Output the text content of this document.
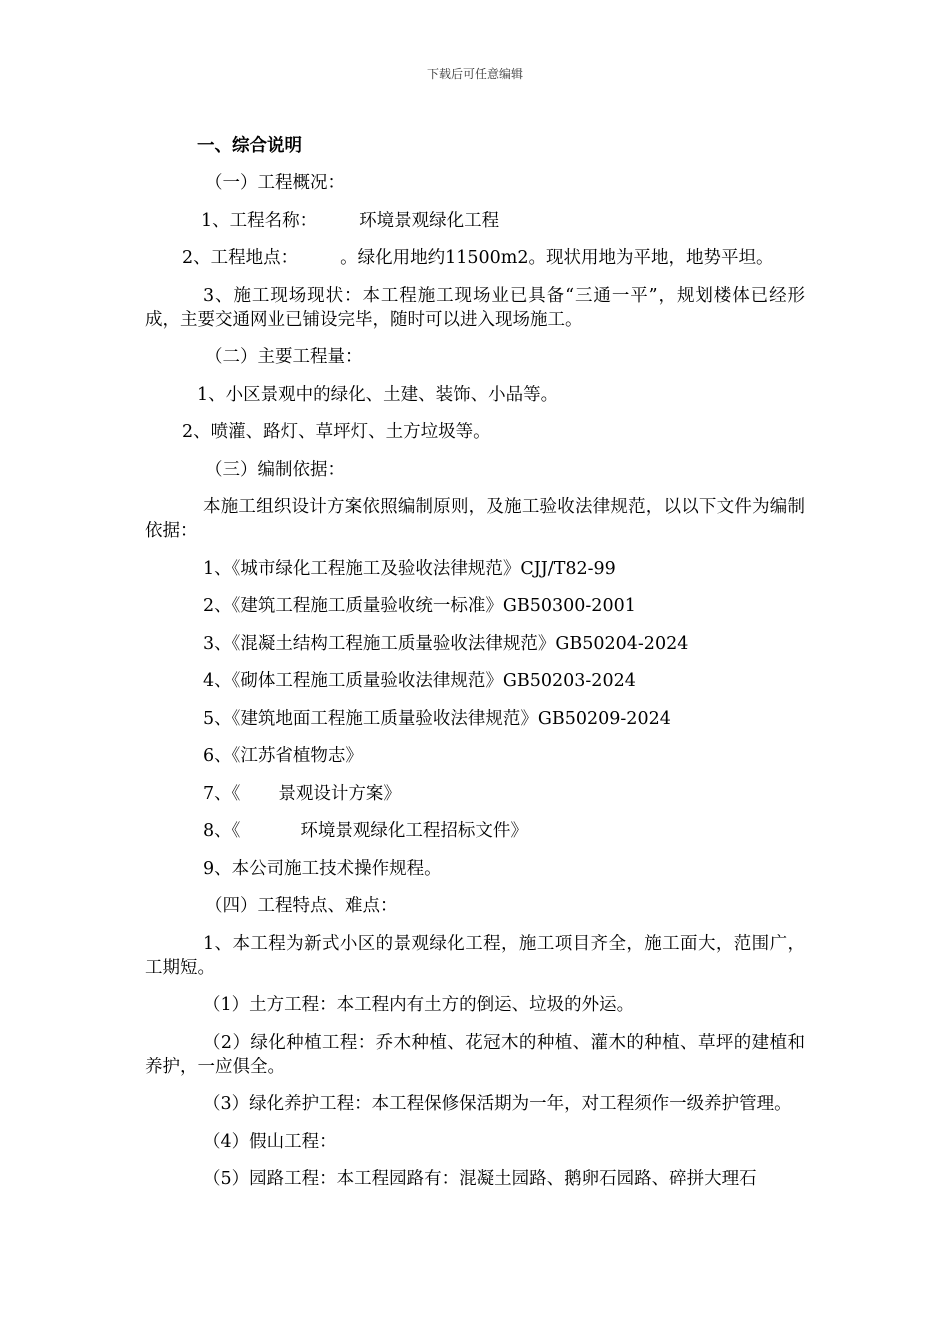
下载后可任意编辑
一、综合说明
（一）工程概况：
1、工程名称： 环境景观绿化工程
2、工程地点： 。绿化用地约11500m2。现状用地为平地，地势平坦。
3、施工现场现状：本工程施工现场业已具备“三通一平”，规划楼体已经形成，主要交通网业已铺设完毕，随时可以进入现场施工。
（二）主要工程量：
1、小区景观中的绿化、土建、装饰、小品等。
2、喷灌、路灯、草坪灯、土方垃圾等。
（三）编制依据：
本施工组织设计方案依照编制原则，及施工验收法律规范，以以下文件为编制依据：
1、《城市绿化工程施工及验收法律规范》CJJ/T82-99
2、《建筑工程施工质量验收统一标准》GB50300-2001
3、《混凝土结构工程施工质量验收法律规范》GB50204-2024
4、《砌体工程施工质量验收法律规范》GB50203-2024
5、《建筑地面工程施工质量验收法律规范》GB50209-2024
6、《江苏省植物志》
7、《 景观设计方案》
8、《	环境景观绿化工程招标文件》
9、本公司施工技术操作规程。
（四）工程特点、难点：
1、本工程为新式小区的景观绿化工程，施工项目齐全，施工面大，范围广，工期短。
（1）土方工程：本工程内有土方的倒运、垃圾的外运。
（2）绿化种植工程：乔木种植、花冠木的种植、灌木的种植、草坪的建植和养护，一应俱全。
（3）绿化养护工程：本工程保修保活期为一年，对工程须作一级养护管理。
（4）假山工程：
（5）园路工程：本工程园路有：混凝土园路、鹅卵石园路、碎拼大理石
